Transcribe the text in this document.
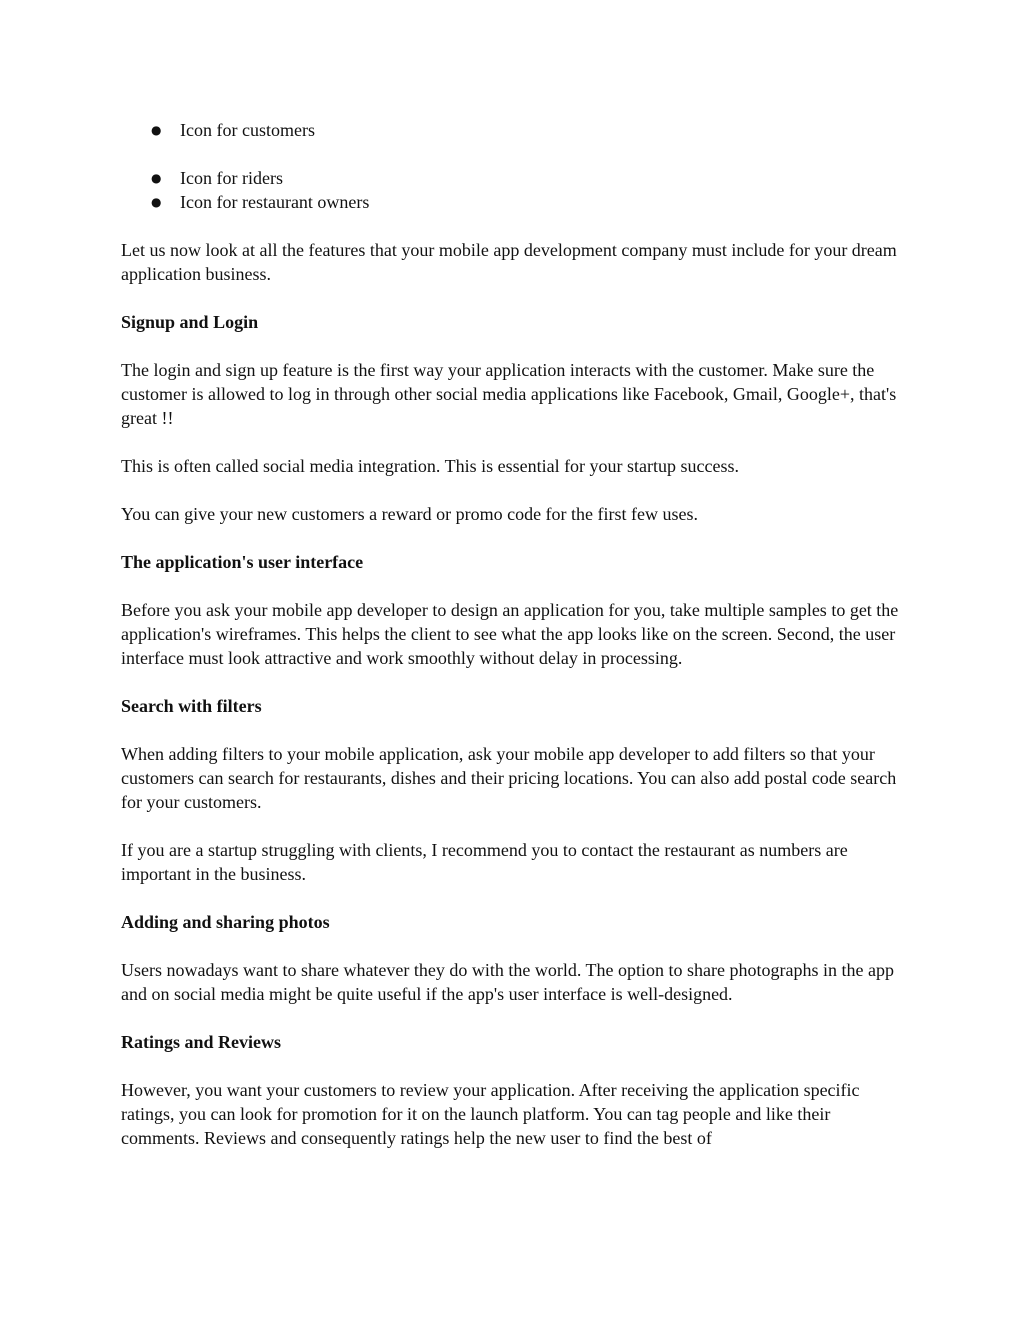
● Icon for customers
● Icon for riders
● Icon for restaurant owners

Let us now look at all the features that your mobile app development company must include for your dream application business.

Signup and Login

The login and sign up feature is the first way your application interacts with the customer. Make sure the customer is allowed to log in through other social media applications like Facebook, Gmail, Google+, that's great !!

This is often called social media integration. This is essential for your startup success.

You can give your new customers a reward or promo code for the first few uses.

The application's user interface

Before you ask your mobile app developer to design an application for you, take multiple samples to get the application's wireframes. This helps the client to see what the app looks like on the screen. Second, the user interface must look attractive and work smoothly without delay in processing.

Search with filters

When adding filters to your mobile application, ask your mobile app developer to add filters so that your customers can search for restaurants, dishes and their pricing locations. You can also add postal code search for your customers.

If you are a startup struggling with clients, I recommend you to contact the restaurant as numbers are important in the business.

Adding and sharing photos

Users nowadays want to share whatever they do with the world. The option to share photographs in the app and on social media might be quite useful if the app's user interface is well-designed.

Ratings and Reviews

However, you want your customers to review your application. After receiving the application specific ratings, you can look for promotion for it on the launch platform. You can tag people and like their comments. Reviews and consequently ratings help the new user to find the best of
